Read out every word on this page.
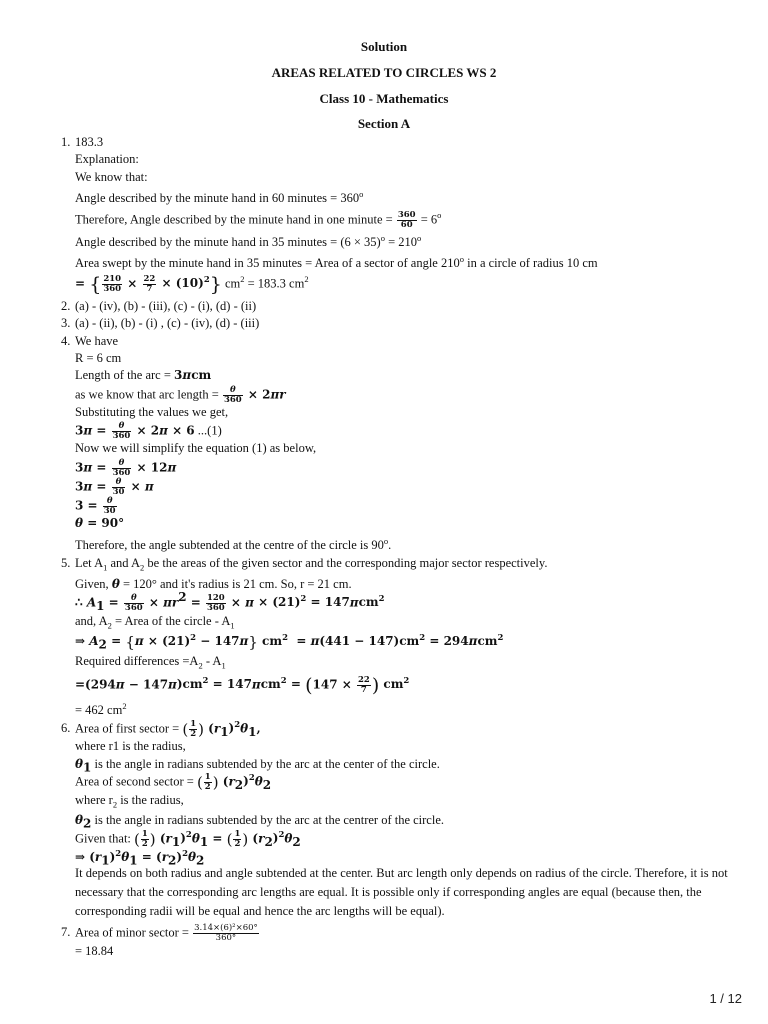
Solution
AREAS RELATED TO CIRCLES WS 2
Class 10 - Mathematics
Section A
1. 183.3
Explanation:
We know that:
Angle described by the minute hand in 60 minutes = $360^o$
Therefore, Angle described by the minute hand in one minute = $\frac{360}{60} = 6^o$
Angle described by the minute hand in 35 minutes = $(6 \times 35)^o = 210^o$
Area swept by the minute hand in 35 minutes = Area of a sector of angle 210$^o$ in a circle of radius 10 cm
= { $\frac{210}{360} \times \frac{22}{7} \times (10)^2$} $cm^2 = 183.3$ $cm^2$
2. (a) - (iv), (b) - (iii), (c) - (i), (d) - (ii)
3. (a) - (ii), (b) - (i) , (c) - (iv), (d) - (iii)
4. We have
R = 6 cm
Length of the arc = 3πcm
as we know that arc length = $\frac{\theta}{360} \times 2\pi r$
Substituting the values we get,
$3\pi = \frac{\theta}{360} \times 2\pi \times 6$ ...(1)
Now we will simplify the equation (1) as below,
$3\pi = \frac{\theta}{360} \times 12\pi$
$3\pi = \frac{\theta}{30} \times \pi$
$3 = \frac{\theta}{30}$
θ = 90°
Therefore, the angle subtended at the centre of the circle is 90$^o$.
5. Let $A_1$ and $A_2$ be the areas of the given sector and the corresponding major sector respectively.
Given, θ = 120° and it's radius is 21 cm. So, r = 21 cm.
∴ $A_1 = \frac{\theta}{360} \times \pi r^2 = \frac{120}{360} \times \pi \times (21)^2 = 147\pi cm^2$
and, $A_2$ = Area of the circle - $A_1$
⇒ $A_2 = \{\pi \times (21)^2 - 147\pi\} cm^2 = \pi(441 - 147)cm^2 = 294\pi cm^2$
Required differences $=A_2 - A_1$
$=(294\pi - 147\pi)cm^2 = 147\pi cm^2 = (147 \times \frac{22}{7}$ ) $cm^2$
= 462 $cm^2$
6. Area of first sector = ( $\frac{1}{2}$ ) $(r_1)^2\theta_1$,
where r1 is the radius,
$\theta_1$ is the angle in radians subtended by the arc at the center of the circle.
Area of second sector = ( $\frac{1}{2}$ ) $(r_2)^2\theta_2$
where $r_2$ is the radius,
$\theta_2$ is the angle in radians subtended by the arc at the centrer of the circle.
Given that: ( $\frac{1}{2}$ ) $(r_1)^2\theta_1$ = ( $\frac{1}{2}$ ) $(r_2)^2\theta_2$
⇒ $(r_1)^2\theta_1 = (r_2)^2\theta_2$
It depends on both radius and angle subtended at the center. But arc length only depends on radius of the circle. Therefore, it is not necessary that the corresponding arc lengths are equal. It is possible only if corresponding angles are equal (because then, the corresponding radii will be equal and hence the arc lengths will be equal).
7. Area of minor sector = $\frac{\text{3.14×(6)²×60°}}{360^\circ}$
= 18.84
1 / 12
